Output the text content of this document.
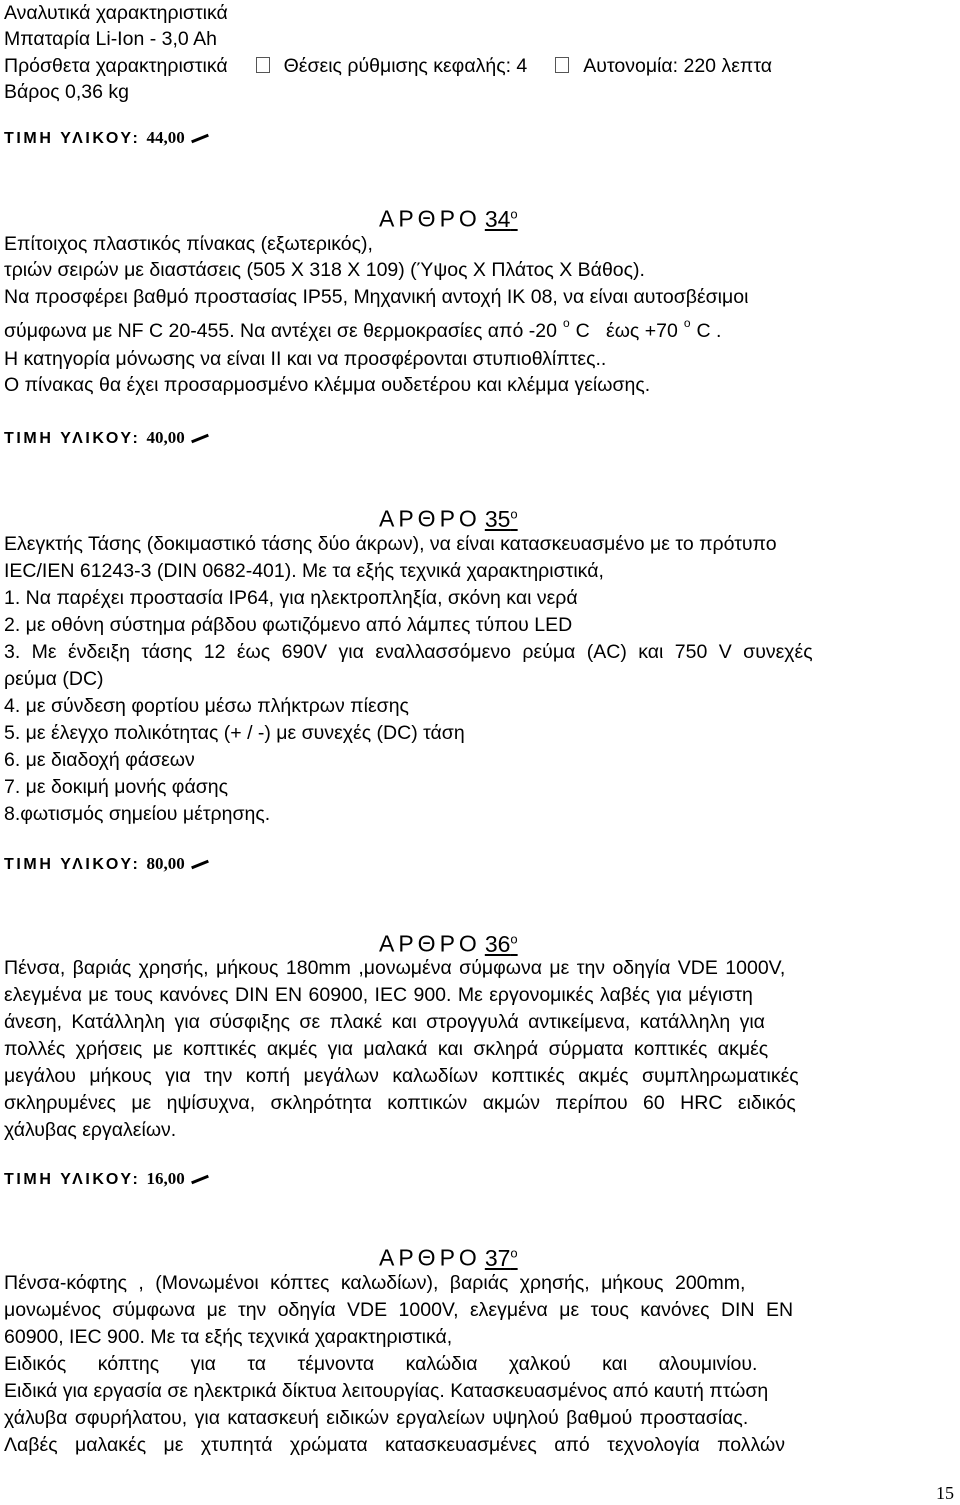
Αναλυτικά χαρακτηριστικά
Μπαταρία Li-Ion - 3,0 Ah
Πρόσθετα χαρακτηριστικά	Θέσεις ρύθμισης κεφαλής: 4	Αυτονομία: 220 λεπτα
Βάρος 0,36 kg
ΤΙΜΗ ΥΛΙΚΟΥ: 44,00
ΑΡΘΡΟ $34^o$
Επίτοιχος πλαστικός πίνακας (εξωτερικός),
τριών σειρών με διαστάσεις (505 Χ 318 Χ 109) (Ύψος Χ Πλάτος Χ Βάθος).
Να προσφέρει βαθμό προστασίας IP55, Μηχανική αντοχή IK 08, να είναι αυτοσβέσιμοι
σύμφωνα με NF C 20-455. Να αντέχει σε θερμοκρασίες από -20 $^o$ C έως +70 $^o$ C .
Η κατηγορία μόνωσης να είναι ΙΙ και να προσφέρονται στυπιοθλίπτες..
Ο πίνακας θα έχει προσαρμοσμένο κλέμμα ουδετέρου και κλέμμα γείωσης.
ΤΙΜΗ ΥΛΙΚΟΥ: 40,00
ΑΡΘΡΟ $35^o$
Ελεγκτής Τάσης (δοκιμαστικό τάσης δύο άκρων), να είναι κατασκευασμένο με το πρότυπο
IEC/IEN 61243-3 (DIN 0682-401). Με τα εξής τεχνικά χαρακτηριστικά,
1. Να παρέχει προστασία IP64, για ηλεκτροπληξία, σκόνη και νερά
2. με οθόνη σύστημα ράβδου φωτιζόμενο από λάμπες τύπου LED
3. Με ένδειξη τάσης 12 έως 690V για εναλλασσόμενο ρεύμα (AC) και 750 V συνεχές
ρεύμα (DC)
4. με σύνδεση φορτίου μέσω πλήκτρων πίεσης
5. με έλεγχο πολικότητας (+ / -) με συνεχές (DC) τάση
6. με διαδοχή φάσεων
7. με δοκιμή μονής φάσης
8.φωτισμός σημείου μέτρησης.
ΤΙΜΗ ΥΛΙΚΟΥ: 80,00
ΑΡΘΡΟ $36^o$
Πένσα, βαριάς χρησής, μήκους 180mm ,μονωμένα σύμφωνα με την οδηγία VDE 1000V,
ελεγμένα με τους κανόνες DIN EN 60900, IEC 900. Με εργονομικές λαβές για μέγιστη
άνεση, Κατάλληλη για σύσφιξης σε πλακέ και στρογγυλά αντικείμενα, κατάλληλη για
πολλές χρήσεις με κοπτικές ακμές για μαλακά και σκληρά σύρματα κοπτικές ακμές
μεγάλου μήκους για την κοπή μεγάλων καλωδίων κοπτικές ακμές συμπληρωματικές
σκληρυμένες με ηψίσυχνα, σκληρότητα κοπτικών ακμών περίπου 60 HRC ειδικός
χάλυβας εργαλείων.
ΤΙΜΗ ΥΛΙΚΟΥ: 16,00
ΑΡΘΡΟ $37^o$
Πένσα-κόφτης , (Μονωμένοι κόπτες καλωδίων), βαριάς χρησής, μήκους 200mm,
μονωμένος σύμφωνα με την οδηγία VDE 1000V, ελεγμένα με τους κανόνες DIN EN
60900, IEC 900. Με τα εξής τεχνικά χαρακτηριστικά,
Ειδικός κόπτης για τα τέμνοντα καλώδια χαλκού και αλουμινίου.
Ειδικά για εργασία σε ηλεκτρικά δίκτυα λειτουργίας. Κατασκευασμένος από καυτή πτώση
χάλυβα σφυρήλατου, για κατασκευή ειδικών εργαλείων υψηλού βαθμού προστασίας.
Λαβές μαλακές με χτυπητά χρώματα κατασκευασμένες από τεχνολογία πολλών
15
